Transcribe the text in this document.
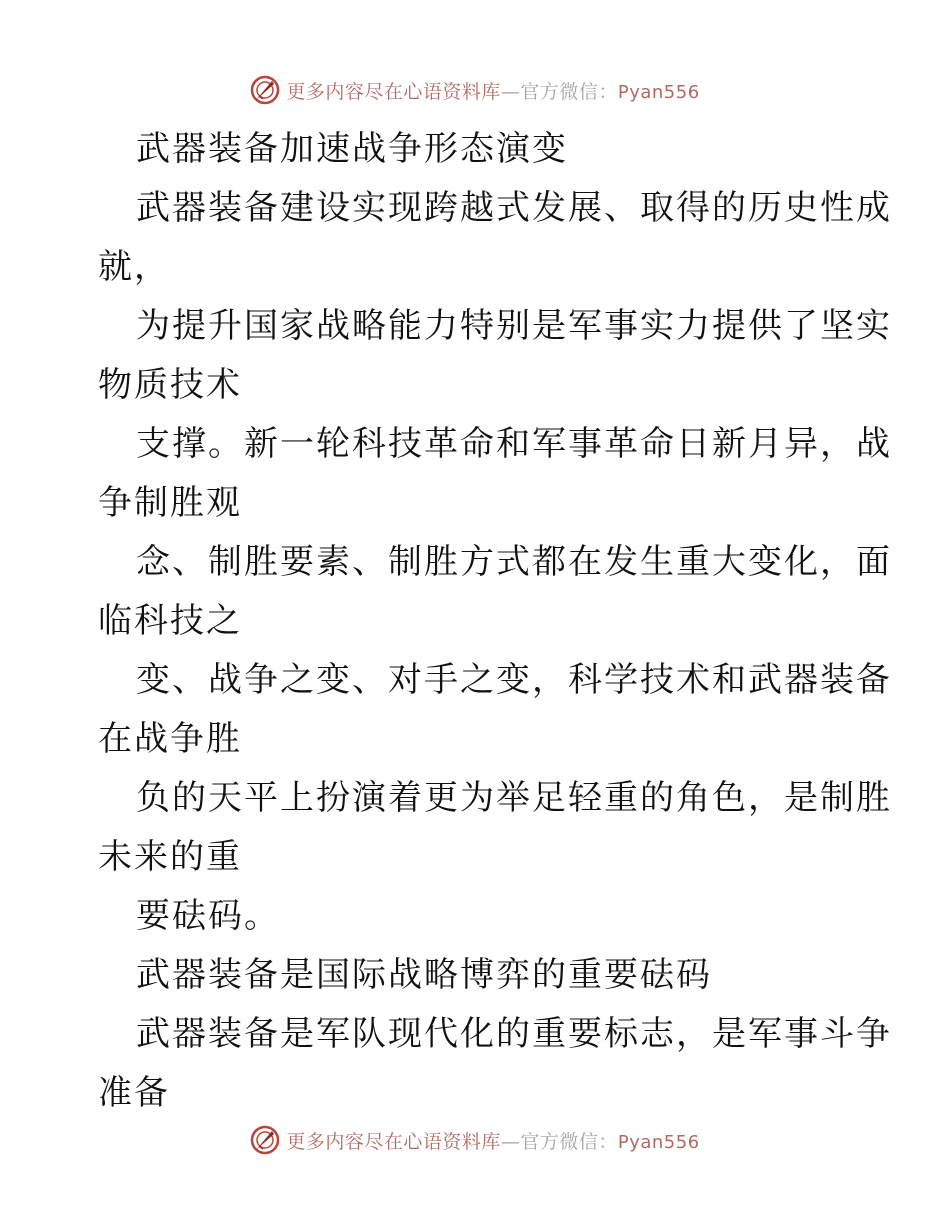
更多内容尽在心语资料库—官方微信：Pyan556
武器装备加速战争形态演变
武器装备建设实现跨越式发展、取得的历史性成
就，
为提升国家战略能力特别是军事实力提供了坚实
物质技术
支撑。新一轮科技革命和军事革命日新月异，战
争制胜观
念、制胜要素、制胜方式都在发生重大变化，面
临科技之
变、战争之变、对手之变，科学技术和武器装备
在战争胜
负的天平上扮演着更为举足轻重的角色，是制胜
未来的重
要砝码。
武器装备是国际战略博弈的重要砝码
武器装备是军队现代化的重要标志，是军事斗争
准备
更多内容尽在心语资料库—官方微信：Pyan556
